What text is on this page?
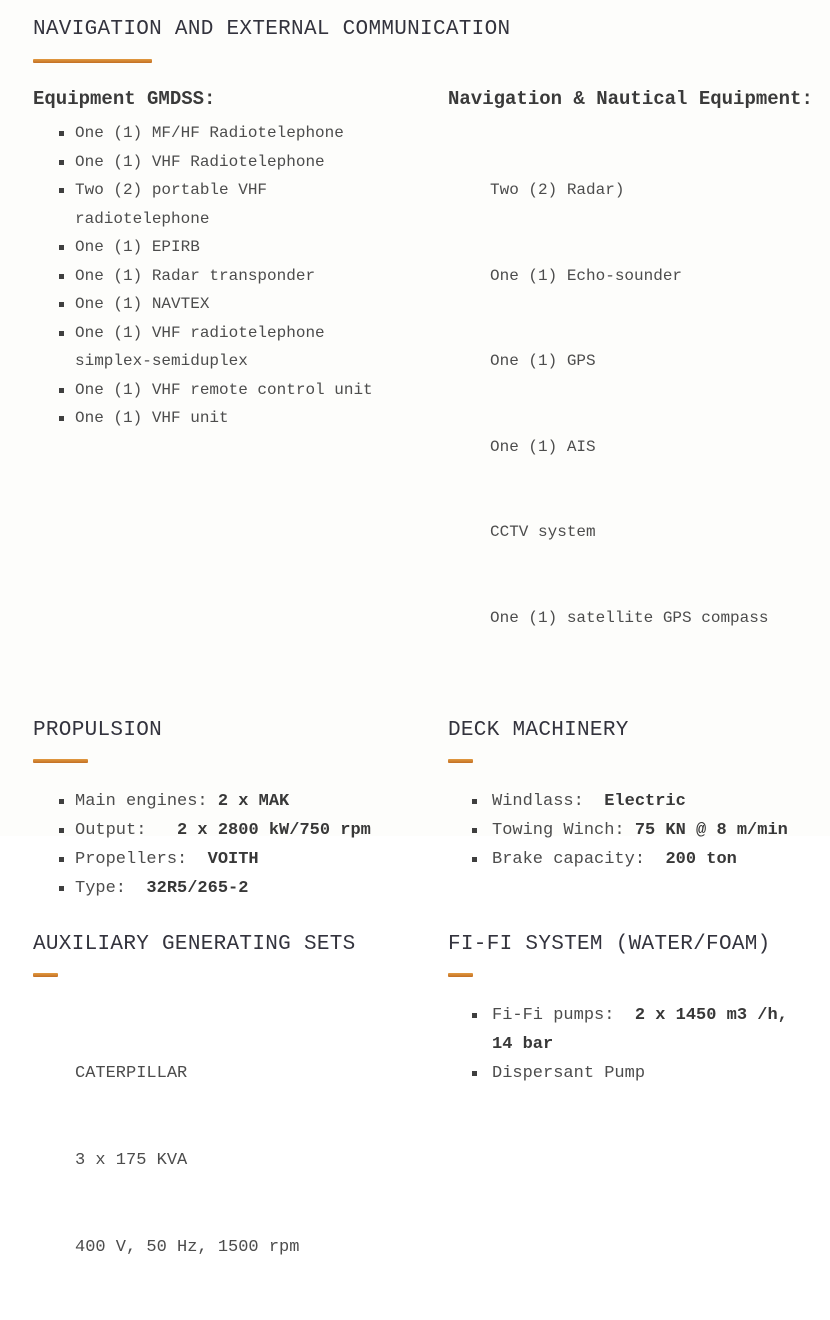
NAVIGATION AND EXTERNAL COMMUNICATION
Equipment GMDSS:
One (1) MF/HF Radiotelephone
One (1) VHF Radiotelephone
Two (2) portable VHF radiotelephone
One (1) EPIRB
One (1) Radar transponder
One (1) NAVTEX
One (1) VHF radiotelephone simplex-semiduplex
One (1) VHF remote control unit
One (1) VHF unit
Navigation & Nautical Equipment:

Two (2) Radar)

One (1) Echo-sounder

One (1) GPS

One (1) AIS

CCTV system

One (1) satellite GPS compass

PROPULSION
Main engines: 2 x MAK
Output:   2 x 2800 kW/750 rpm
Propellers:  VOITH
Type:  32R5/265-2
DECK MACHINERY
Windlass:  Electric
Towing Winch: 75 KN @ 8 m/min
Brake capacity:  200 ton
AUXILIARY GENERATING SETS

CATERPILLAR

3 x 175 KVA

400 V, 50 Hz, 1500 rpm

FI-FI SYSTEM (WATER/FOAM)
Fi-Fi pumps:  2 x 1450 m3 /h, 14 bar
Dispersant Pump
